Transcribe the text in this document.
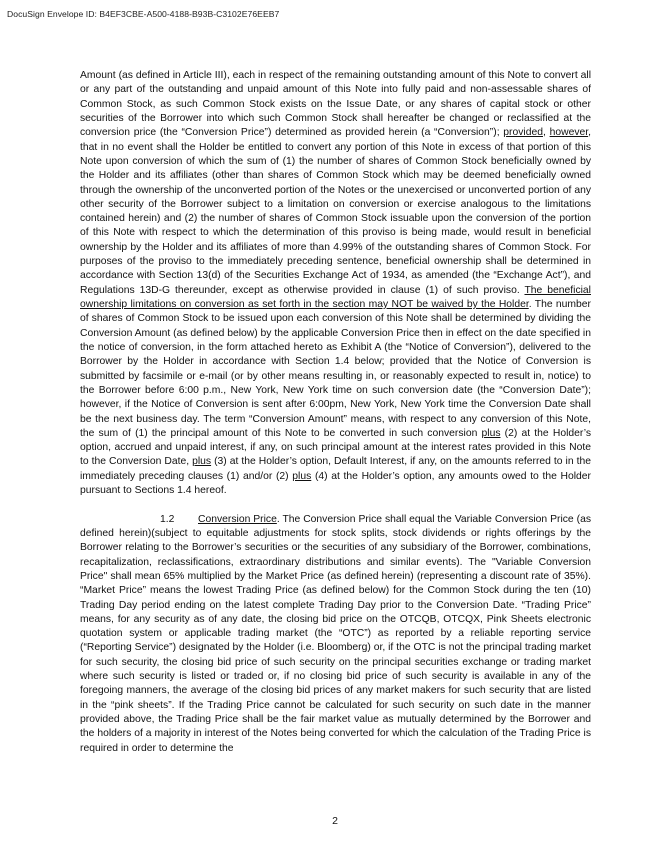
DocuSign Envelope ID: B4EF3CBE-A500-4188-B93B-C3102E76EEB7

Amount (as defined in Article III), each in respect of the remaining outstanding amount of this Note to convert all or any part of the outstanding and unpaid amount of this Note into fully paid and non-assessable shares of Common Stock, as such Common Stock exists on the Issue Date, or any shares of capital stock or other securities of the Borrower into which such Common Stock shall hereafter be changed or reclassified at the conversion price (the “Conversion Price”) determined as provided herein (a “Conversion”); provided, however, that in no event shall the Holder be entitled to convert any portion of this Note in excess of that portion of this Note upon conversion of which the sum of (1) the number of shares of Common Stock beneficially owned by the Holder and its affiliates (other than shares of Common Stock which may be deemed beneficially owned through the ownership of the unconverted portion of the Notes or the unexercised or unconverted portion of any other security of the Borrower subject to a limitation on conversion or exercise analogous to the limitations contained herein) and (2) the number of shares of Common Stock issuable upon the conversion of the portion of this Note with respect to which the determination of this proviso is being made, would result in beneficial ownership by the Holder and its affiliates of more than 4.99% of the outstanding shares of Common Stock. For purposes of the proviso to the immediately preceding sentence, beneficial ownership shall be determined in accordance with Section 13(d) of the Securities Exchange Act of 1934, as amended (the “Exchange Act”), and Regulations 13D-G thereunder, except as otherwise provided in clause (1) of such proviso. The beneficial ownership limitations on conversion as set forth in the section may NOT be waived by the Holder. The number of shares of Common Stock to be issued upon each conversion of this Note shall be determined by dividing the Conversion Amount (as defined below) by the applicable Conversion Price then in effect on the date specified in the notice of conversion, in the form attached hereto as Exhibit A (the “Notice of Conversion”), delivered to the Borrower by the Holder in accordance with Section 1.4 below; provided that the Notice of Conversion is submitted by facsimile or e-mail (or by other means resulting in, or reasonably expected to result in, notice) to the Borrower before 6:00 p.m., New York, New York time on such conversion date (the “Conversion Date”); however, if the Notice of Conversion is sent after 6:00pm, New York, New York time the Conversion Date shall be the next business day. The term “Conversion Amount” means, with respect to any conversion of this Note, the sum of (1) the principal amount of this Note to be converted in such conversion plus (2) at the Holder’s option, accrued and unpaid interest, if any, on such principal amount at the interest rates provided in this Note to the Conversion Date, plus (3) at the Holder’s option, Default Interest, if any, on the amounts referred to in the immediately preceding clauses (1) and/or (2) plus (4) at the Holder’s option, any amounts owed to the Holder pursuant to Sections 1.4 hereof.

1.2 Conversion Price. The Conversion Price shall equal the Variable Conversion Price (as defined herein)(subject to equitable adjustments for stock splits, stock dividends or rights offerings by the Borrower relating to the Borrower’s securities or the securities of any subsidiary of the Borrower, combinations, recapitalization, reclassifications, extraordinary distributions and similar events). The "Variable Conversion Price" shall mean 65% multiplied by the Market Price (as defined herein) (representing a discount rate of 35%). “Market Price” means the lowest Trading Price (as defined below) for the Common Stock during the ten (10) Trading Day period ending on the latest complete Trading Day prior to the Conversion Date. “Trading Price” means, for any security as of any date, the closing bid price on the OTCQB, OTCQX, Pink Sheets electronic quotation system or applicable trading market (the “OTC”) as reported by a reliable reporting service (“Reporting Service”) designated by the Holder (i.e. Bloomberg) or, if the OTC is not the principal trading market for such security, the closing bid price of such security on the principal securities exchange or trading market where such security is listed or traded or, if no closing bid price of such security is available in any of the foregoing manners, the average of the closing bid prices of any market makers for such security that are listed in the “pink sheets”. If the Trading Price cannot be calculated for such security on such date in the manner provided above, the Trading Price shall be the fair market value as mutually determined by the Borrower and the holders of a majority in interest of the Notes being converted for which the calculation of the Trading Price is required in order to determine the

2
